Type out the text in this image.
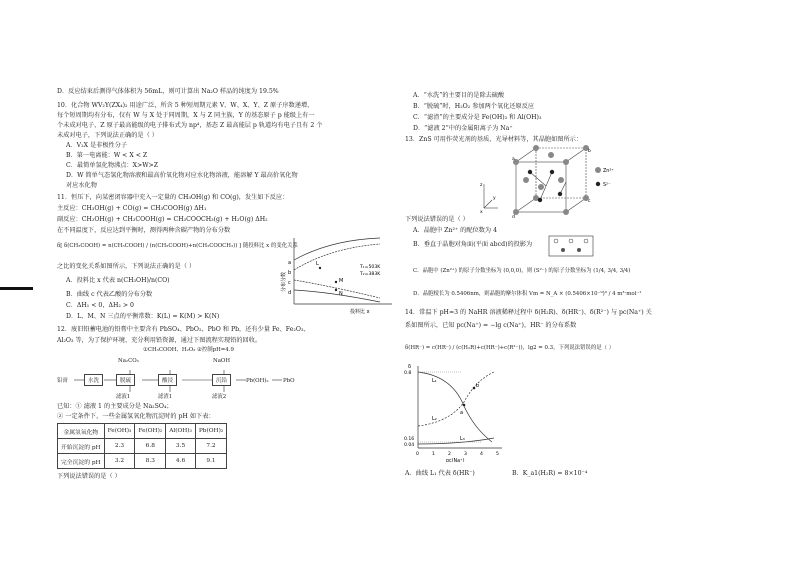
D．反应结束后测得气体体积为 56mL，则可计算出 Na₂O 样品的纯度为 19.5%
10．化合物 WV₂Y(ZX₄)₂ 用途广泛，所含 5 种短周期元素 V、W、X、Y、Z 原子序数递增，
每个短周期均有分布，仅有 W 与 X 处于同周期，X 与 Z 同主族，Y 的基态原子 p 能级上有一
个未成对电子，Z 原子最高能级的电子排布式为 np⁴，基态 Z 最高能层 p 轨道均有电子且有 2 个
未成对电子，下列说法正确的是（ ）
A．V₂X 是非极性分子
B．第一电离能：W < X < Z
C．最简单氢化物沸点：X>W>Z
D．W 简单气态氢化物溶液和最高价氧化物对应水化物溶液，能溶解 Y 最高价氧化物
对应水化物
11．恒压下，向某密闭容器中充入一定量的 CH₃OH(g) 和 CO(g)，发生如下反应：
主反应：CH₃OH(g) + CO(g) = CH₃COOH(g) ΔH₁
副反应：CH₃OH(g) + CH₃COOH(g) = CH₃COOCH₃(g) + H₂O(g) ΔH₂
在不同温度下，反应达到平衡时，测得两种含碳产物的分布分数
δ[ δ(CH₃COOH) = n(CH₃COOH) / (n(CH₃COOH)+n(CH₃COOCH₃)) ] 随投料比 x 的变化关系
之比的变化关系如图所示，下列说法正确的是（ ）
A．投料比 x 代表 n(CH₃OH)/n(CO)
B．曲线 c 代表乙酸的分布分数
C．ΔH₁ < 0，ΔH₂ > 0
D．L、M、N 三点的平衡常数：K(L) = K(M) > K(N)
12．废旧铅蓄电池的铅膏中主要含有 PbSO₄、PbO₂、PbO 和 Pb，还有少量 Fe、Fe₂O₃、
Al₂O₃ 等，为了保护环境、充分利用铅资源，通过下图流程实现铅的回收。
已知：① 滤液 1 的主要成分是 Na₂SO₄；
② 一定条件下，一些金属氢氧化物沉淀时的 pH 如下表：
下列说法错误的是（ ）
a
b
c
d
L
M
N
T₁=503K
T₂=383K
投料比 x
分布分数
铅膏	水洗	脱硫	酸浸	沉铅
Na₂CO₃
①CH₃COOH、H₂O₂ ②控制pH=4.9
NaOH
滤液1	滤渣1	滤液2
Pb(OH)₂	PbO
金属氢氧化物	Fe(OH)₃	Fe(OH)₂	Al(OH)₃	Pb(OH)₂
开始沉淀的 pH	2.3	6.8	3.5	7.2
完全沉淀的 pH	3.2	8.3	4.6	9.1
A．“水洗”的主要目的是除去硫酸
B．“脱硫”时，H₂O₂ 参加两个氧化还原反应
C．“滤渣”的主要成分是 Fe(OH)₃ 和 Al(OH)₃
D．“滤液 2”中的金属阳离子为 Na⁺
13．ZnS 可用作荧光剂的基质、光导材料等，其晶胞如图所示：
下列说法错误的是（ ）
A．晶胞中 Zn²⁺ 的配位数为 4
B．垂直于晶胞对角面(平面 abcd)的投影为
C．晶胞中 (Zn²⁺) 的原子分数坐标为 (0,0,0)，则 (S²⁻) 的原子分数坐标为 (1/4, 3/4, 3/4)
D．晶胞棱长为 0.5406nm，则晶胞的摩尔体积 Vm = N_A × (0.5406×10⁻⁹)³ / 4 m³·mol⁻¹
14．常温下 pH=3 的 NaHR 溶液稀释过程中 δ(H₂R)、δ(HR⁻)、δ(R²⁻) 与 pc(Na⁺) 关
系如图所示，已知 pc(Na⁺) = −lg c(Na⁺)，HR⁻ 的分布系数
δ(HR⁻) = c(HR⁻) / (c(H₂R)+c(HR⁻)+c(R²⁻))，lg2 = 0.3，下列说法错误的是（ ）
A．曲线 L₁ 代表 δ(HR⁻)	B．K_a1(H₂R) = 8×10⁻⁴
a
b
c
d
Zn²⁺
S²⁻
z
y
x
b
a
L₁
L₂
L₃
δ
0.8
0.16
0.04
0	1	2	3	4	5
pc(Na⁺)
